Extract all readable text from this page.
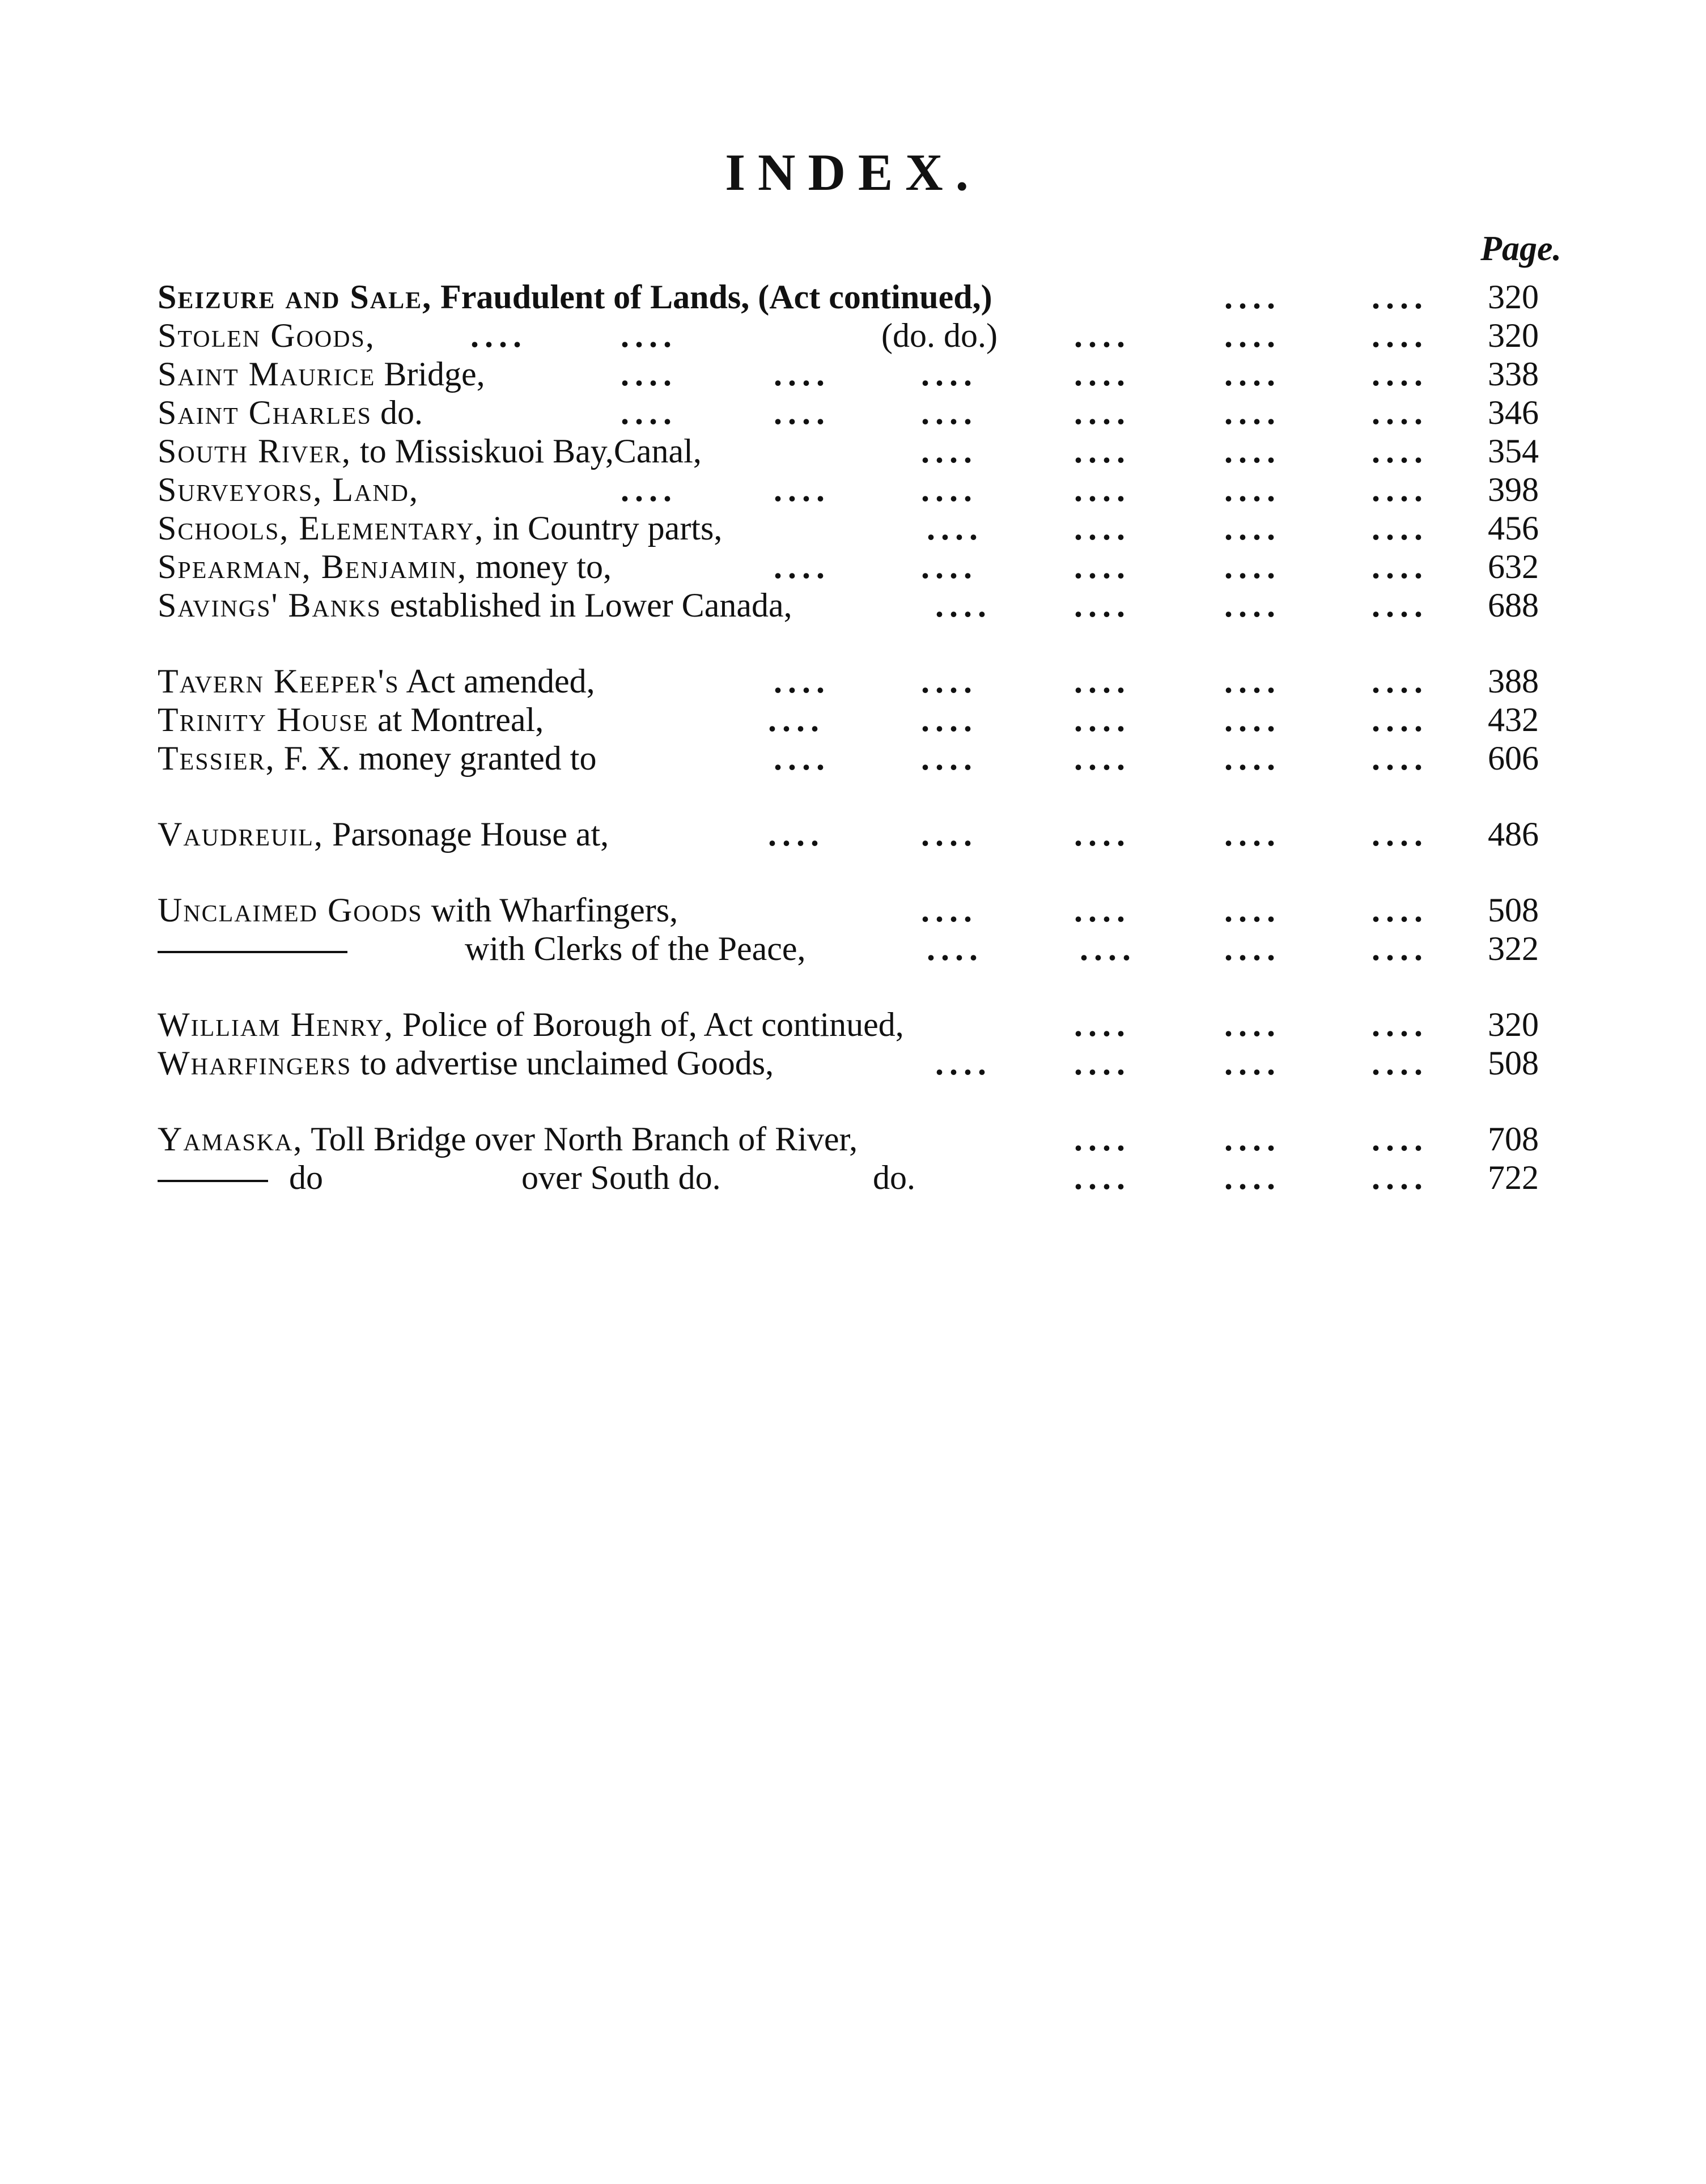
INDEX.
Page.
Seizure and Sale, Fraudulent of Lands, (Act continued,)	....	....	320
Stolen Goods,	....	....	(do. do.) ....	....	....	320
Saint Maurice Bridge,	....	....	....	....	....	....	338
Saint Charles do.	....	....	....	....	....	....	346
South River, to Missiskuoi Bay,Canal,	....	....	....	....	354
Surveyors, Land,	....	....	....	....	....	....	398
Schools, Elementary, in Country parts,	....	....	....	....	456
Spearman, Benjamin, money to,	....	....	....	....	....	632
Savings' Banks established in Lower Canada,	.... ....	....	....	688
Tavern Keeper's Act amended,	....	....	....	....	....	388
Trinity House at Montreal,	....	....	....	....	....	432
Tessier, F. X. money granted to	....	....	....	....	....	606
Vaudreuil, Parsonage House at,	....	....	....	....	....	486
Unclaimed Goods with Wharfingers,	....	....	....	....	508
with Clerks of the Peace,	....	....	....	....	322
William Henry, Police of Borough of, Act continued,	....	....	....	320
Wharfingers to advertise unclaimed Goods,	.... ....	....	....	508
Yamaska, Toll Bridge over North Branch of River,	....	....	....	708
do	over South do.	do.	....	....	....	722
